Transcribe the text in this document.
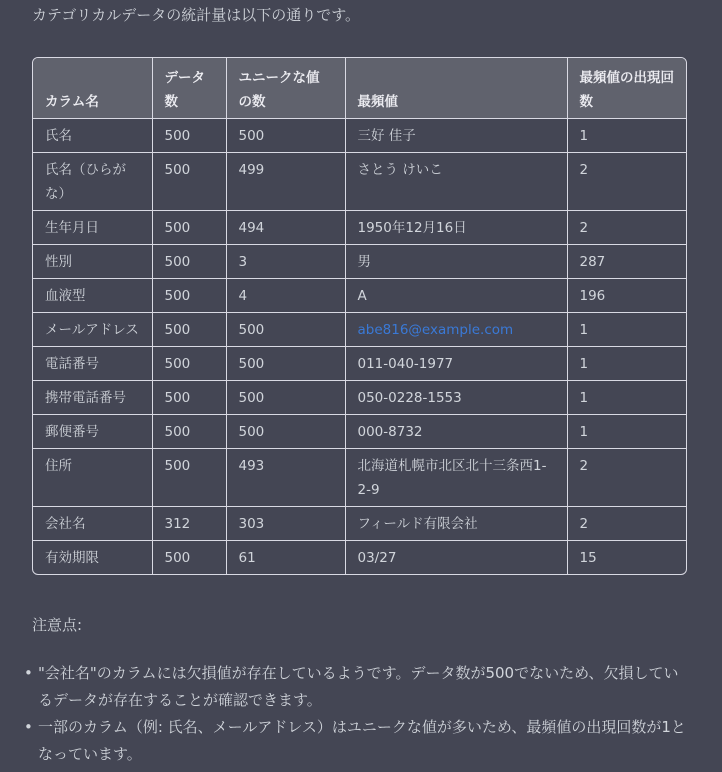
カテゴリカルデータの統計量は以下の通りです。
カラム名	データ数	ユニークな値の数	最頻値	最頻値の出現回数
氏名	500	500	三好 佳子	1
氏名（ひらがな）	500	499	さとう けいこ	2
生年月日	500	494	1950年12月16日	2
性別	500	3	男	287
血液型	500	4	A	196
メールアドレス	500	500	abe816@example.com	1
電話番号	500	500	011-040-1977	1
携帯電話番号	500	500	050-0228-1553	1
郵便番号	500	500	000-8732	1
住所	500	493	北海道札幌市北区北十三条西1-2-9	2
会社名	312	303	フィールド有限会社	2
有効期限	500	61	03/27	15
注意点:
• "会社名"のカラムには欠損値が存在しているようです。データ数が500でないため、欠損しているデータが存在することが確認できます。
• 一部のカラム（例: 氏名、メールアドレス）はユニークな値が多いため、最頻値の出現回数が1となっています。
